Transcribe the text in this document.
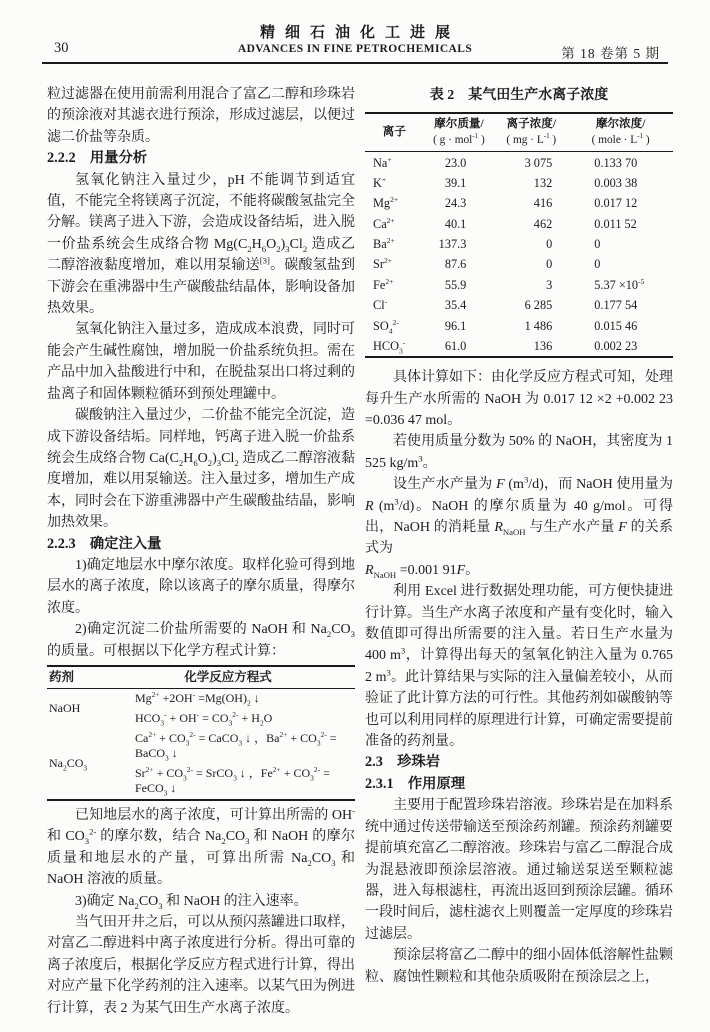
精细石油化工进展
ADVANCES IN FINE PETROCHEMICALS
30	第 18 卷第 5 期

粒过滤器在使用前需利用混合了富乙二醇和珍珠岩的预涂液对其滤衣进行预涂，形成过滤层，以便过滤二价盐等杂质。

2.2.2　用量分析

氢氧化钠注入量过少，pH 不能调节到适宜值，不能完全将镁离子沉淀，不能将碳酸氢盐完全分解。镁离子进入下游，会造成设备结垢，进入脱一价盐系统会生成络合物 $Mg(C_2H_6O_2)_3Cl_2$ 造成乙二醇溶液黏度增加，难以用泵输送[3]。碳酸氢盐到下游会在重沸器中生产碳酸盐结晶体，影响设备加热效果。

氢氧化钠注入量过多，造成成本浪费，同时可能会产生碱性腐蚀，增加脱一价盐系统负担。需在产品中加入盐酸进行中和，在脱盐泵出口将过剩的盐离子和固体颗粒循环到预处理罐中。

碳酸钠注入量过少，二价盐不能完全沉淀，造成下游设备结垢。同样地，钙离子进入脱一价盐系统会生成络合物 $Ca(C_2H_6O_2)_3Cl_2$ 造成乙二醇溶液黏度增加，难以用泵输送。注入量过多，增加生产成本，同时会在下游重沸器中产生碳酸盐结晶，影响加热效果。

2.2.3　确定注入量

1)确定地层水中摩尔浓度。取样化验可得到地层水的离子浓度，除以该离子的摩尔质量，得摩尔浓度。

2)确定沉淀二价盐所需要的 NaOH 和 $Na_2CO_3$ 的质量。可根据以下化学方程式计算：

药剂	化学反应方程式
NaOH	$Mg^{2+} +2OH^- =Mg(OH)_2$ ↓
	$HCO_3^- + OH^- = CO_3^{2-} + H_2O$
$Na_2CO_3$	$Ca^{2+} + CO_3^{2-}$ = CaCO$_3$ ↓ ，$Ba^{2+} + CO_3^{2-}$ = BaCO$_3$ ↓
	$Sr^{2+} + CO_3^{2-}$ = SrCO$_3$ ↓ ，$Fe^{2+} + CO_3^{2-}$ = FeCO$_3$ ↓

已知地层水的离子浓度，可计算出所需的 OH- 和 $CO_3^{2-}$ 的摩尔数，结合 $Na_2CO_3$ 和 NaOH 的摩尔质量和地层水的产量，可算出所需 $Na_2CO_3$ 和 NaOH 溶液的质量。

3)确定 $Na_2CO_3$ 和 NaOH 的注入速率。

当气田开井之后，可以从预闪蒸罐进口取样，对富乙二醇进料中离子浓度进行分析。得出可靠的离子浓度后，根据化学反应方程式进行计算，得出对应产量下化学药剂的注入速率。以某气田为例进行计算，表 2 为某气田生产水离子浓度。

表 2　某气田生产水离子浓度
离子	摩尔质量/
( g · mol$^{-1}$ )	离子浓度/
( mg · $L^{-1}$ )	摩尔浓度/
( mole · $L^{-1}$ )

Na+	23.0	3 075	0.133 70
K+	39.1	132	0.003 38
$Mg^{2+}$	24.3	416	0.017 12
$Ca^{2+}$	40.1	462	0.011 52
$Ba^{2+}$	137.3	0	0
$Sr^{2+}$	87.6	0	0
$Fe^{2+}$	55.9	3	$5.37 \times 10^{-5}$
Cl-	35.4	6 285	0.177 54
$SO_4^{2-}$	96.1	1 486	0.015 46
$HCO_3^-$	61.0	136	0.002 23

具体计算如下：由化学反应方程式可知，处理每升生产水所需的 NaOH 为 0.017 12 ×2 +0.002 23 =0.036 47 mol。

若使用质量分数为 50% 的 NaOH，其密度为 1 525 $kg/m^3$。

设生产水产量为 F $(m^3/d)$，而 NaOH 使用量为 R $(m^3/d)$。NaOH 的摩尔质量为 40 g/mol。可得出，NaOH 的消耗量 $R_{NaOH}$ 与生产水产量 F 的关系式为

$R_{NaOH} =0.001$ 91F。

利用 Excel 进行数据处理功能，可方便快捷进行计算。当生产水离子浓度和产量有变化时，输入数值即可得出所需要的注入量。若日生产水量为 400 $m^3$，计算得出每天的氢氧化钠注入量为 0.765 2 $m^3$。此计算结果与实际的注入量偏差较小，从而验证了此计算方法的可行性。其他药剂如碳酸钠等也可以利用同样的原理进行计算，可确定需要提前准备的药剂量。

2.3　珍珠岩
2.3.1　作用原理

主要用于配置珍珠岩溶液。珍珠岩是在加料系统中通过传送带输送至预涂药剂罐。预涂药剂罐要提前填充富乙二醇溶液。珍珠岩与富乙二醇混合成为混悬液即预涂层溶液。通过输送泵送至颗粒滤器，进入每根滤柱，再流出返回到预涂层罐。循环一段时间后，滤柱滤衣上则覆盖一定厚度的珍珠岩过滤层。

预涂层将富乙二醇中的细小固体低溶解性盐颗粒、腐蚀性颗粒和其他杂质吸附在预涂层之上，
